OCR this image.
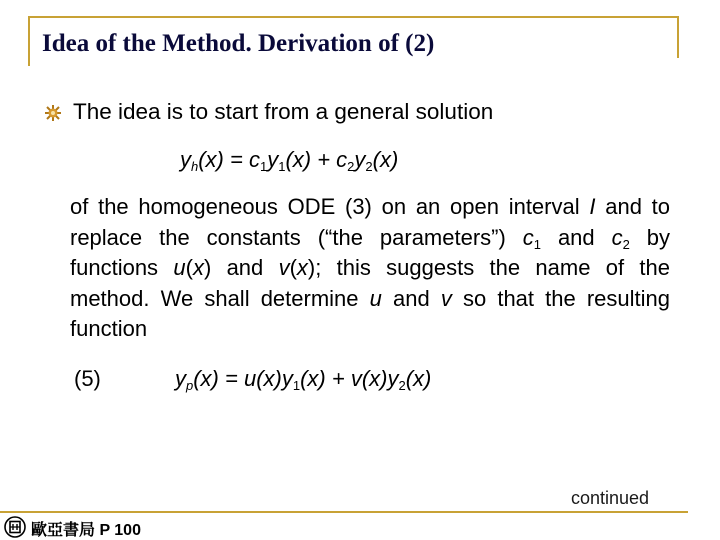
Idea of the Method. Derivation of (2)
The idea is to start from a general solution
$y_h(x) = c_1y_1(x) + c_2y_2(x)$
of the homogeneous ODE (3) on an open interval I and to replace the constants (“the parameters”) $c_1$ and $c_2$ by functions u(x) and v(x); this suggests the name of the method. We shall determine u and v so that the resulting function
(5)	$y_p(x) = u(x)y_1(x) + v(x)y_2(x)$
continued
歐亞書局 P 100
